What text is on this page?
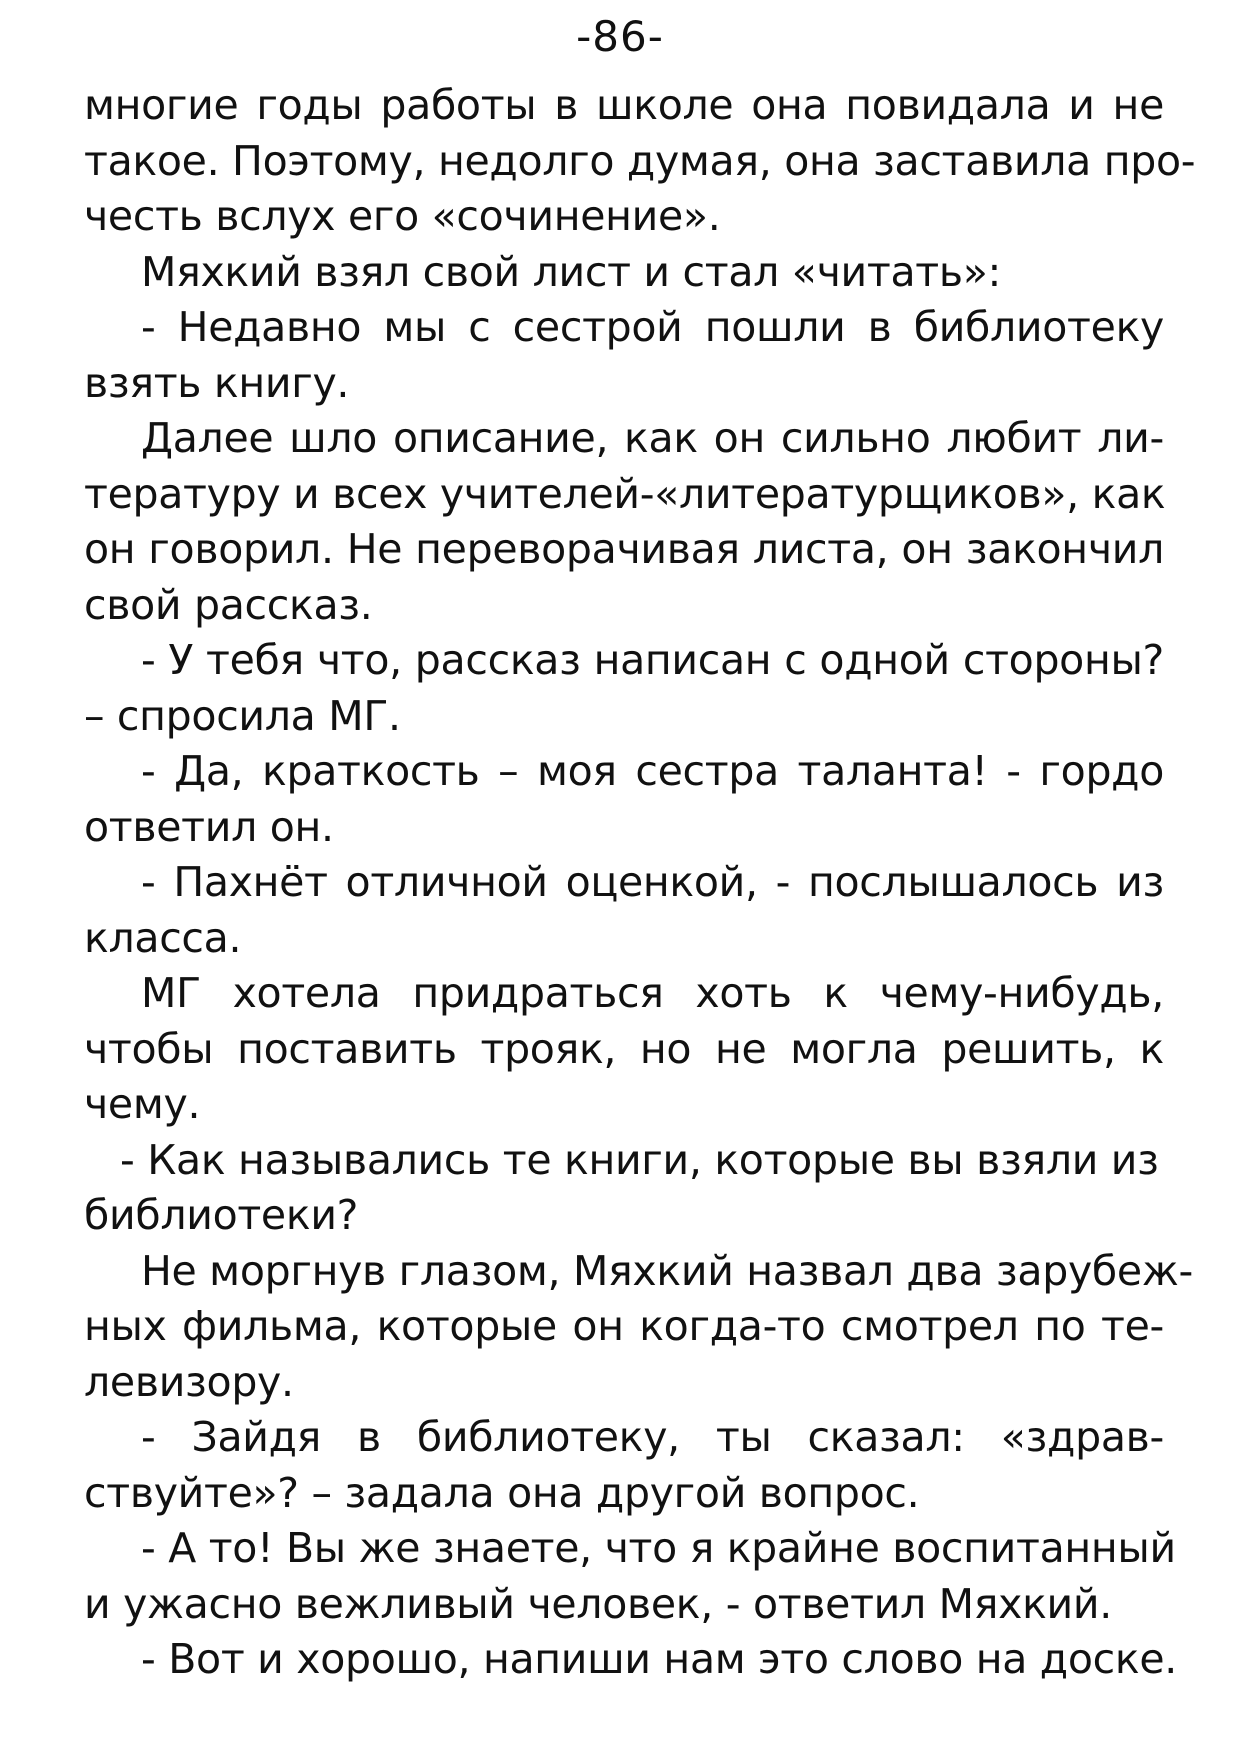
-86-
многие годы работы в школе она повидала и не
такое. Поэтому, недолго думая, она заставила про-
честь вслух его «сочинение».
Мяхкий взял свой лист и стал «читать»:
- Недавно мы с сестрой пошли в библиотеку
взять книгу.
Далее шло описание, как он сильно любит ли-
тературу и всех учителей-«литературщиков», как
он говорил. Не переворачивая листа, он закончил
свой рассказ.
- У тебя что, рассказ написан с одной стороны?
– спросила МГ.
- Да, краткость – моя сестра таланта! - гордо
ответил он.
- Пахнёт отличной оценкой, - послышалось из
класса.
МГ хотела придраться хоть к чему-нибудь,
чтобы поставить трояк, но не могла решить, к
чему.
- Как назывались те книги, которые вы взяли из
библиотеки?
Не моргнув глазом, Мяхкий назвал два зарубеж-
ных фильма, которые он когда-то смотрел по те-
левизору.
- Зайдя в библиотеку, ты сказал: «здрав-
ствуйте»? – задала она другой вопрос.
- А то! Вы же знаете, что я крайне воспитанный
и ужасно вежливый человек, - ответил Мяхкий.
- Вот и хорошо, напиши нам это слово на доске.
